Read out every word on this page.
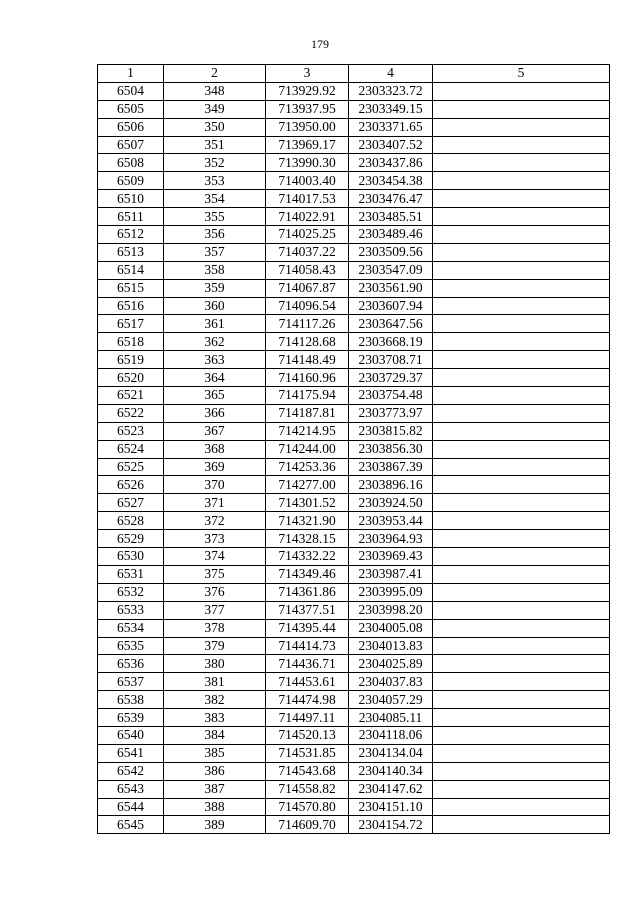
179
1	2	3	4	5
6504	348	713929.92	2303323.72	
6505	349	713937.95	2303349.15	
6506	350	713950.00	2303371.65	
6507	351	713969.17	2303407.52	
6508	352	713990.30	2303437.86	
6509	353	714003.40	2303454.38	
6510	354	714017.53	2303476.47	
6511	355	714022.91	2303485.51	
6512	356	714025.25	2303489.46	
6513	357	714037.22	2303509.56	
6514	358	714058.43	2303547.09	
6515	359	714067.87	2303561.90	
6516	360	714096.54	2303607.94	
6517	361	714117.26	2303647.56	
6518	362	714128.68	2303668.19	
6519	363	714148.49	2303708.71	
6520	364	714160.96	2303729.37	
6521	365	714175.94	2303754.48	
6522	366	714187.81	2303773.97	
6523	367	714214.95	2303815.82	
6524	368	714244.00	2303856.30	
6525	369	714253.36	2303867.39	
6526	370	714277.00	2303896.16	
6527	371	714301.52	2303924.50	
6528	372	714321.90	2303953.44	
6529	373	714328.15	2303964.93	
6530	374	714332.22	2303969.43	
6531	375	714349.46	2303987.41	
6532	376	714361.86	2303995.09	
6533	377	714377.51	2303998.20	
6534	378	714395.44	2304005.08	
6535	379	714414.73	2304013.83	
6536	380	714436.71	2304025.89	
6537	381	714453.61	2304037.83	
6538	382	714474.98	2304057.29	
6539	383	714497.11	2304085.11	
6540	384	714520.13	2304118.06	
6541	385	714531.85	2304134.04	
6542	386	714543.68	2304140.34	
6543	387	714558.82	2304147.62	
6544	388	714570.80	2304151.10	
6545	389	714609.70	2304154.72	
